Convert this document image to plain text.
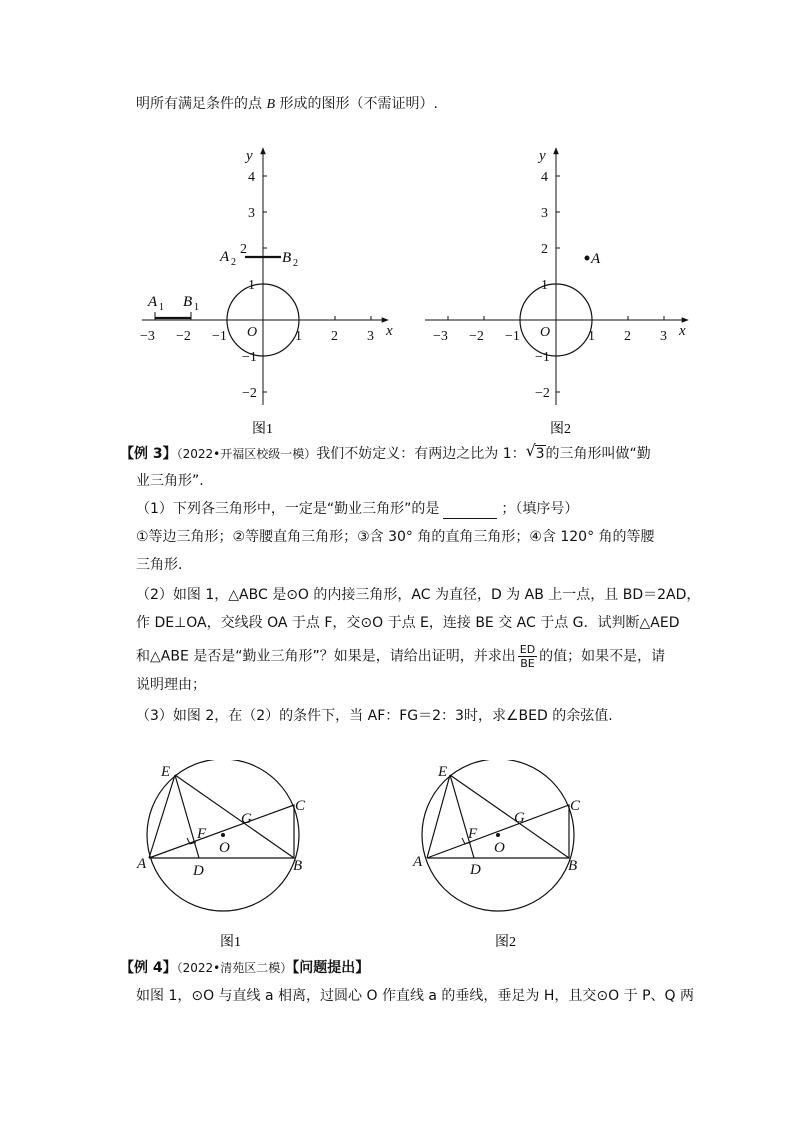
明所有满足条件的点 B 形成的图形（不需证明）.
−3 −2 −1	1 2 3
4
3
2
1
−1
−2
O	x
y
A 1 B 1
A 2	B 2
图1
−3 −2 −1	1 2 3
4
3
2
1
−1
−2
O	x
y
A
图2
【例 3】（2022•开福区校级一模）我们不妨定义：有两边之比为 1：√ 3的三角形叫做“勤
业三角形”.
（1）下列各三角形中，一定是“勤业三角形”的是	；（填序号）
①等边三角形；②等腰直角三角形；③含 30° 角的直角三角形；④含 120° 角的等腰
三角形.
（2）如图 1，△ABC 是⊙O 的内接三角形，AC 为直径，D 为 AB 上一点，且 BD＝2AD，
作 DE⊥OA，交线段 OA 于点 F，交⊙O 于点 E，连接 BE 交 AC 于点 G．试判断△AED
和△ABE 是否是“勤业三角形”？如果是，请给出证明，并求出 $\frac{ED}{BE}$ 的值；如果不是，请
说明理由；
（3）如图 2，在（2）的条件下，当 AF：FG＝2：3时，求∠BED 的余弦值.
E
C
G
F
O
A	B
D
图1
E
C
G
F
O
A	B
D
图2
【例 4】（2022•清苑区二模）【问题提出】
如图 1，⊙O 与直线 a 相离，过圆心 O 作直线 a 的垂线，垂足为 H，且交⊙O 于 P、Q 两
